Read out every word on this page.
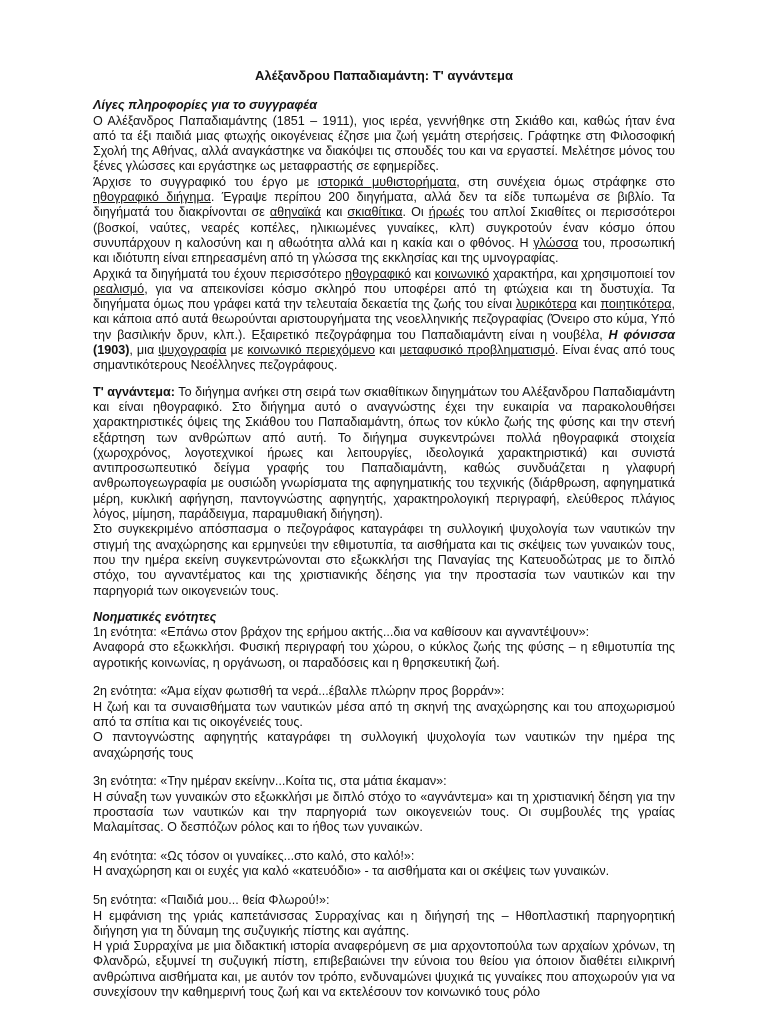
Αλέξανδρου Παπαδιαμάντη: Τ' αγνάντεμα
Λίγες πληροφορίες για το συγγραφέα

Ο Αλέξανδρος Παπαδιαμάντης (1851 – 1911), γιος ιερέα, γεννήθηκε στη Σκιάθο και, καθώς ήταν ένα από τα έξι παιδιά μιας φτωχής οικογένειας έζησε μια ζωή γεμάτη στερήσεις. Γράφτηκε στη Φιλοσοφική Σχολή της Αθήνας, αλλά αναγκάστηκε να διακόψει τις σπουδές του και να εργαστεί. Μελέτησε μόνος του ξένες γλώσσες και εργάστηκε ως μεταφραστής σε εφημερίδες.

Άρχισε το συγγραφικό του έργο με ιστορικά μυθιστορήματα, στη συνέχεια όμως στράφηκε στο ηθογραφικό διήγημα. Έγραψε περίπου 200 διηγήματα, αλλά δεν τα είδε τυπωμένα σε βιβλίο. Τα διηγήματά του διακρίνονται σε αθηναϊκά και σκιαθίτικα. Οι ήρωές του απλοί Σκιαθίτες οι περισσότεροι (βοσκοί, ναύτες, νεαρές κοπέλες, ηλικιωμένες γυναίκες, κλπ) συγκροτούν έναν κόσμο όπου συνυπάρχουν η καλοσύνη και η αθωότητα αλλά και η κακία και ο φθόνος. Η γλώσσα του, προσωπική και ιδιότυπη είναι επηρεασμένη από τη γλώσσα της εκκλησίας και της υμνογραφίας.

Αρχικά τα διηγήματά του έχουν περισσότερο ηθογραφικό και κοινωνικό χαρακτήρα, και χρησιμοποιεί τον ρεαλισμό, για να απεικονίσει κόσμο σκληρό που υποφέρει από τη φτώχεια και τη δυστυχία. Τα διηγήματα όμως που γράφει κατά την τελευταία δεκαετία της ζωής του είναι λυρικότερα και ποιητικότερα, και κάποια από αυτά θεωρούνται αριστουργήματα της νεοελληνικής πεζογραφίας (Όνειρο στο κύμα, Υπό την βασιλικήν δρυν, κλπ.). Εξαιρετικό πεζογράφημα του Παπαδιαμάντη είναι η νουβέλα, Η φόνισσα (1903), μια ψυχογραφία με κοινωνικό περιεχόμενο και μεταφυσικό προβληματισμό. Είναι ένας από τους σημαντικότερους Νεοέλληνες πεζογράφους.

Τ' αγνάντεμα: Το διήγημα ανήκει στη σειρά των σκιαθίτικων διηγημάτων του Αλέξανδρου Παπαδιαμάντη και είναι ηθογραφικό. Στο διήγημα αυτό ο αναγνώστης έχει την ευκαιρία να παρακολουθήσει χαρακτηριστικές όψεις της Σκιάθου του Παπαδιαμάντη, όπως τον κύκλο ζωής της φύσης και την στενή εξάρτηση των ανθρώπων από αυτή. Το διήγημα συγκεντρώνει πολλά ηθογραφικά στοιχεία (χωροχρόνος, λογοτεχνικοί ήρωες και λειτουργίες, ιδεολογικά χαρακτηριστικά) και συνιστά αντιπροσωπευτικό δείγμα γραφής του Παπαδιαμάντη, καθώς συνδυάζεται η γλαφυρή ανθρωπογεωγραφία με ουσιώδη γνωρίσματα της αφηγηματικής του τεχνικής (διάρθρωση, αφηγηματικά μέρη, κυκλική αφήγηση, παντογνώστης αφηγητής, χαρακτηρολογική περιγραφή, ελεύθερος πλάγιος λόγος, μίμηση, παράδειγμα, παραμυθιακή διήγηση).

Στο συγκεκριμένο απόσπασμα ο πεζογράφος καταγράφει τη συλλογική ψυχολογία των ναυτικών την στιγμή της αναχώρησης και ερμηνεύει την εθιμοτυπία, τα αισθήματα και τις σκέψεις των γυναικών τους, που την ημέρα εκείνη συγκεντρώνονται στο εξωκκλήσι της Παναγίας της Κατευοδώτρας με το διπλό στόχο, του αγναντέματος και της χριστιανικής δέησης για την προστασία των ναυτικών και την παρηγοριά των οικογενειών τους.

Νοηματικές ενότητες

1η ενότητα: «Επάνω στον βράχον της ερήμου ακτής...δια να καθίσουν και αγναντέψουν»:

Αναφορά στο εξωκκλήσι. Φυσική περιγραφή του χώρου, ο κύκλος ζωής της φύσης – η εθιμοτυπία της αγροτικής κοινωνίας, η οργάνωση, οι παραδόσεις και η θρησκευτική ζωή.

2η ενότητα: «Άμα είχαν φωτισθή τα νερά...έβαλλε πλώρην προς βορράν»:

Η ζωή και τα συναισθήματα των ναυτικών μέσα από τη σκηνή της αναχώρησης και του αποχωρισμού από τα σπίτια και τις οικογένειές τους.

Ο παντογνώστης αφηγητής καταγράφει τη συλλογική ψυχολογία των ναυτικών την ημέρα της αναχώρησής τους

3η ενότητα: «Την ημέραν εκείνην...Κοίτα τις, στα μάτια έκαμαν»:

Η σύναξη των γυναικών στο εξωκκλήσι με διπλό στόχο το «αγνάντεμα» και τη χριστιανική δέηση για την προστασία των ναυτικών και την παρηγοριά των οικογενειών τους. Οι συμβουλές της γραίας Μαλαμίτσας. Ο δεσπόζων ρόλος και το ήθος των γυναικών.

4η ενότητα: «Ως τόσον οι γυναίκες...στο καλό, στο καλό!»:

Η αναχώρηση και οι ευχές για καλό «κατευόδιο» - τα αισθήματα και οι σκέψεις των γυναικών.

5η ενότητα: «Παιδιά μου... θεία Φλωρού!»:

Η εμφάνιση της γριάς καπετάνισσας Συρραχίνας και η διήγησή της – Ηθοπλαστική παρηγορητική διήγηση για τη δύναμη της συζυγικής πίστης και αγάπης.

Η γριά Συρραχίνα με μια διδακτική ιστορία αναφερόμενη σε μια αρχοντοπούλα των αρχαίων χρόνων, τη Φλανδρώ, εξυμνεί τη συζυγική πίστη, επιβεβαιώνει την εύνοια του θείου για όποιον διαθέτει ειλικρινή ανθρώπινα αισθήματα και, με αυτόν τον τρόπο, ενδυναμώνει ψυχικά τις γυναίκες που αποχωρούν για να συνεχίσουν την καθημερινή τους ζωή και να εκτελέσουν τον κοινωνικό τους ρόλο
